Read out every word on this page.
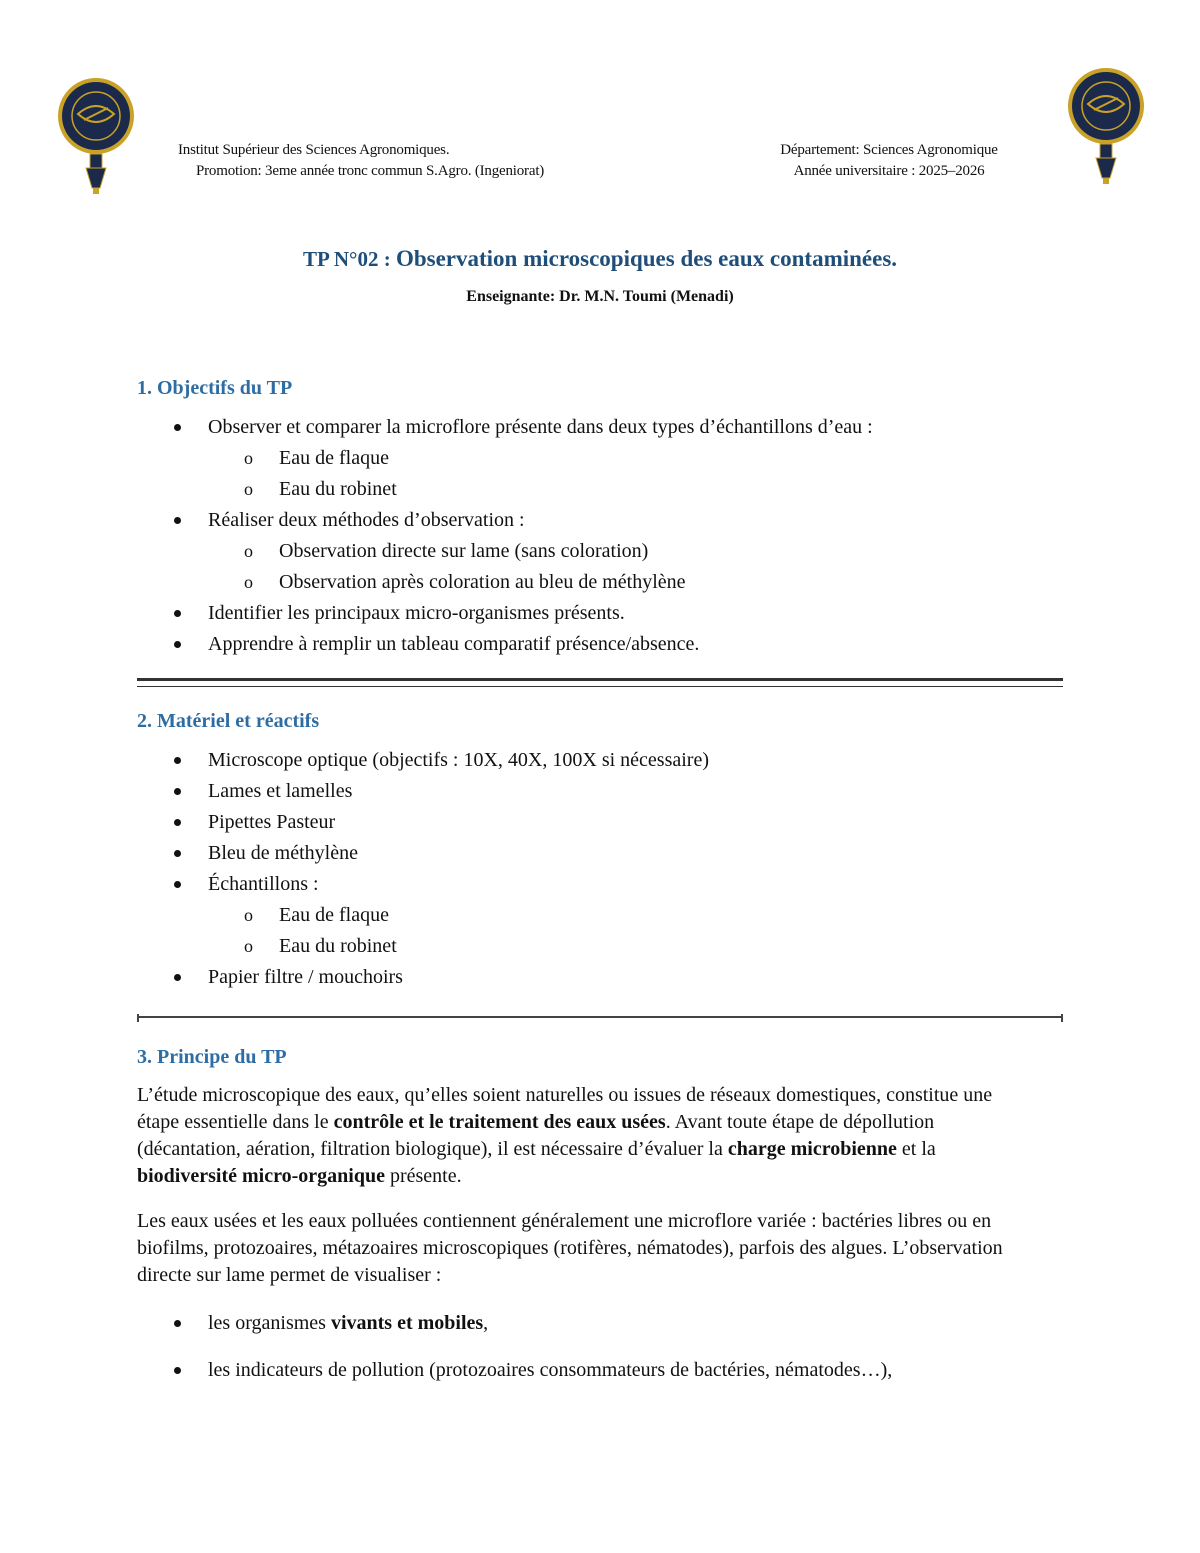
Institut Supérieur des Sciences Agronomiques.
Promotion: 3eme année tronc commun S.Agro. (Ingeniorat)
Département: Sciences Agronomique
Année universitaire : 2025–2026
TP N°02 : Observation microscopiques des eaux contaminées.
Enseignante: Dr. M.N. Toumi (Menadi)
1. Objectifs du TP
Observer et comparer la microflore présente dans deux types d’échantillons d’eau :
o Eau de flaque
o Eau du robinet
Réaliser deux méthodes d’observation :
o Observation directe sur lame (sans coloration)
o Observation après coloration au bleu de méthylène
Identifier les principaux micro-organismes présents.
Apprendre à remplir un tableau comparatif présence/absence.
2. Matériel et réactifs
Microscope optique (objectifs : 10X, 40X, 100X si nécessaire)
Lames et lamelles
Pipettes Pasteur
Bleu de méthylène
Échantillons :
o Eau de flaque
o Eau du robinet
Papier filtre / mouchoirs
3. Principe du TP
L’étude microscopique des eaux, qu’elles soient naturelles ou issues de réseaux domestiques, constitue une étape essentielle dans le contrôle et le traitement des eaux usées. Avant toute étape de dépollution (décantation, aération, filtration biologique), il est nécessaire d’évaluer la charge microbienne et la biodiversité micro-organique présente.
Les eaux usées et les eaux polluées contiennent généralement une microflore variée : bactéries libres ou en biofilms, protozoaires, métazoaires microscopiques (rotifères, nématodes), parfois des algues. L’observation directe sur lame permet de visualiser :
les organismes vivants et mobiles,
les indicateurs de pollution (protozoaires consommateurs de bactéries, nématodes…),
